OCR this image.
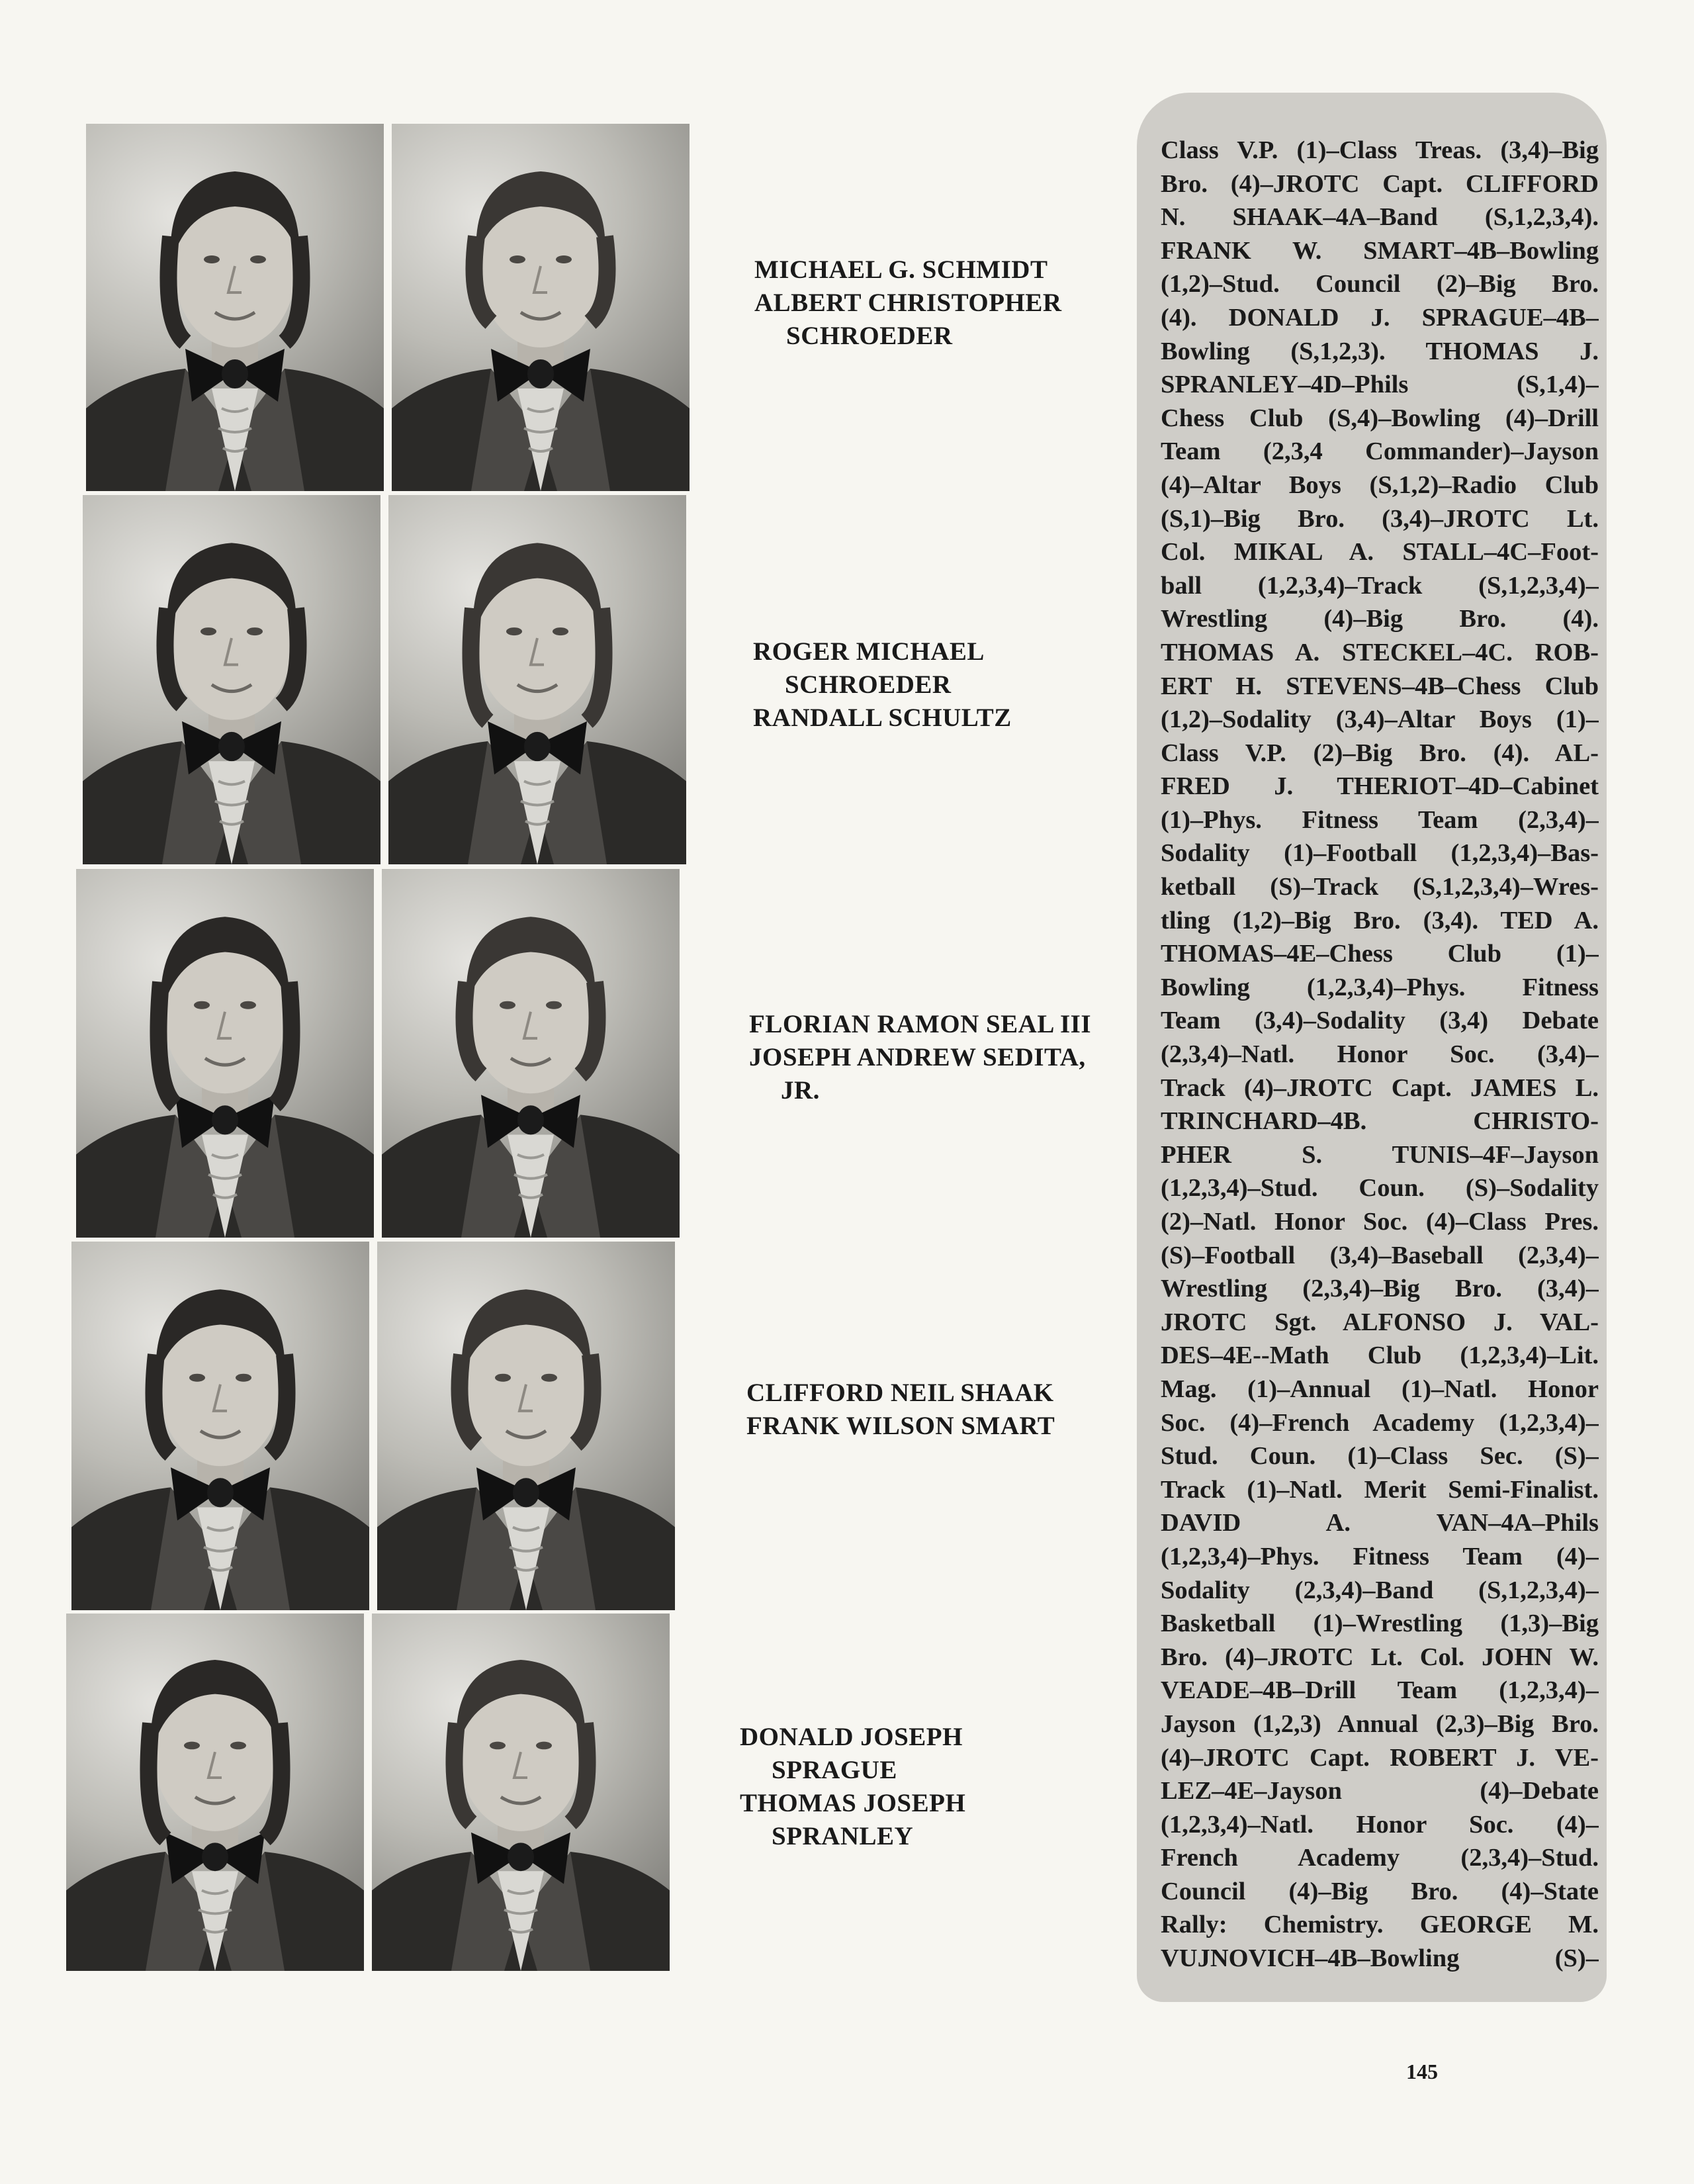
MICHAEL G. SCHMIDT
ALBERT CHRISTOPHER
SCHROEDER
ROGER MICHAEL
SCHROEDER
RANDALL SCHULTZ
FLORIAN RAMON SEAL III
JOSEPH ANDREW SEDITA,
JR.
CLIFFORD NEIL SHAAK
FRANK WILSON SMART
DONALD JOSEPH
SPRAGUE
THOMAS JOSEPH
SPRANLEY
Class V.P. (1)–Class Treas. (3,4)–Big
Bro. (4)–JROTC Capt. CLIFFORD
N. SHAAK–4A–Band (S,1,2,3,4).
FRANK W. SMART–4B–Bowling
(1,2)–Stud. Council (2)–Big Bro.
(4). DONALD J. SPRAGUE–4B–
Bowling (S,1,2,3). THOMAS J.
SPRANLEY–4D–Phils (S,1,4)–
Chess Club (S,4)–Bowling (4)–Drill
Team (2,3,4 Commander)–Jayson
(4)–Altar Boys (S,1,2)–Radio Club
(S,1)–Big Bro. (3,4)–JROTC Lt.
Col. MIKAL A. STALL–4C–Foot-
ball (1,2,3,4)–Track (S,1,2,3,4)–
Wrestling (4)–Big Bro. (4).
THOMAS A. STECKEL–4C. ROB-
ERT H. STEVENS–4B–Chess Club
(1,2)–Sodality (3,4)–Altar Boys (1)–
Class V.P. (2)–Big Bro. (4). AL-
FRED J. THERIOT–4D–Cabinet
(1)–Phys. Fitness Team (2,3,4)–
Sodality (1)–Football (1,2,3,4)–Bas-
ketball (S)–Track (S,1,2,3,4)–Wres-
tling (1,2)–Big Bro. (3,4). TED A.
THOMAS–4E–Chess Club (1)–
Bowling (1,2,3,4)–Phys. Fitness
Team (3,4)–Sodality (3,4) Debate
(2,3,4)–Natl. Honor Soc. (3,4)–
Track (4)–JROTC Capt. JAMES L.
TRINCHARD–4B. CHRISTO-
PHER S. TUNIS–4F–Jayson
(1,2,3,4)–Stud. Coun. (S)–Sodality
(2)–Natl. Honor Soc. (4)–Class Pres.
(S)–Football (3,4)–Baseball (2,3,4)–
Wrestling (2,3,4)–Big Bro. (3,4)–
JROTC Sgt. ALFONSO J. VAL-
DES–4E--Math Club (1,2,3,4)–Lit.
Mag. (1)–Annual (1)–Natl. Honor
Soc. (4)–French Academy (1,2,3,4)–
Stud. Coun. (1)–Class Sec. (S)–
Track (1)–Natl. Merit Semi-Finalist.
DAVID A. VAN–4A–Phils
(1,2,3,4)–Phys. Fitness Team (4)–
Sodality (2,3,4)–Band (S,1,2,3,4)–
Basketball (1)–Wrestling (1,3)–Big
Bro. (4)–JROTC Lt. Col. JOHN W.
VEADE–4B–Drill Team (1,2,3,4)–
Jayson (1,2,3) Annual (2,3)–Big Bro.
(4)–JROTC Capt. ROBERT J. VE-
LEZ–4E–Jayson (4)–Debate
(1,2,3,4)–Natl. Honor Soc. (4)–
French Academy (2,3,4)–Stud.
Council (4)–Big Bro. (4)–State
Rally: Chemistry. GEORGE M.
VUJNOVICH–4B–Bowling (S)–
145
